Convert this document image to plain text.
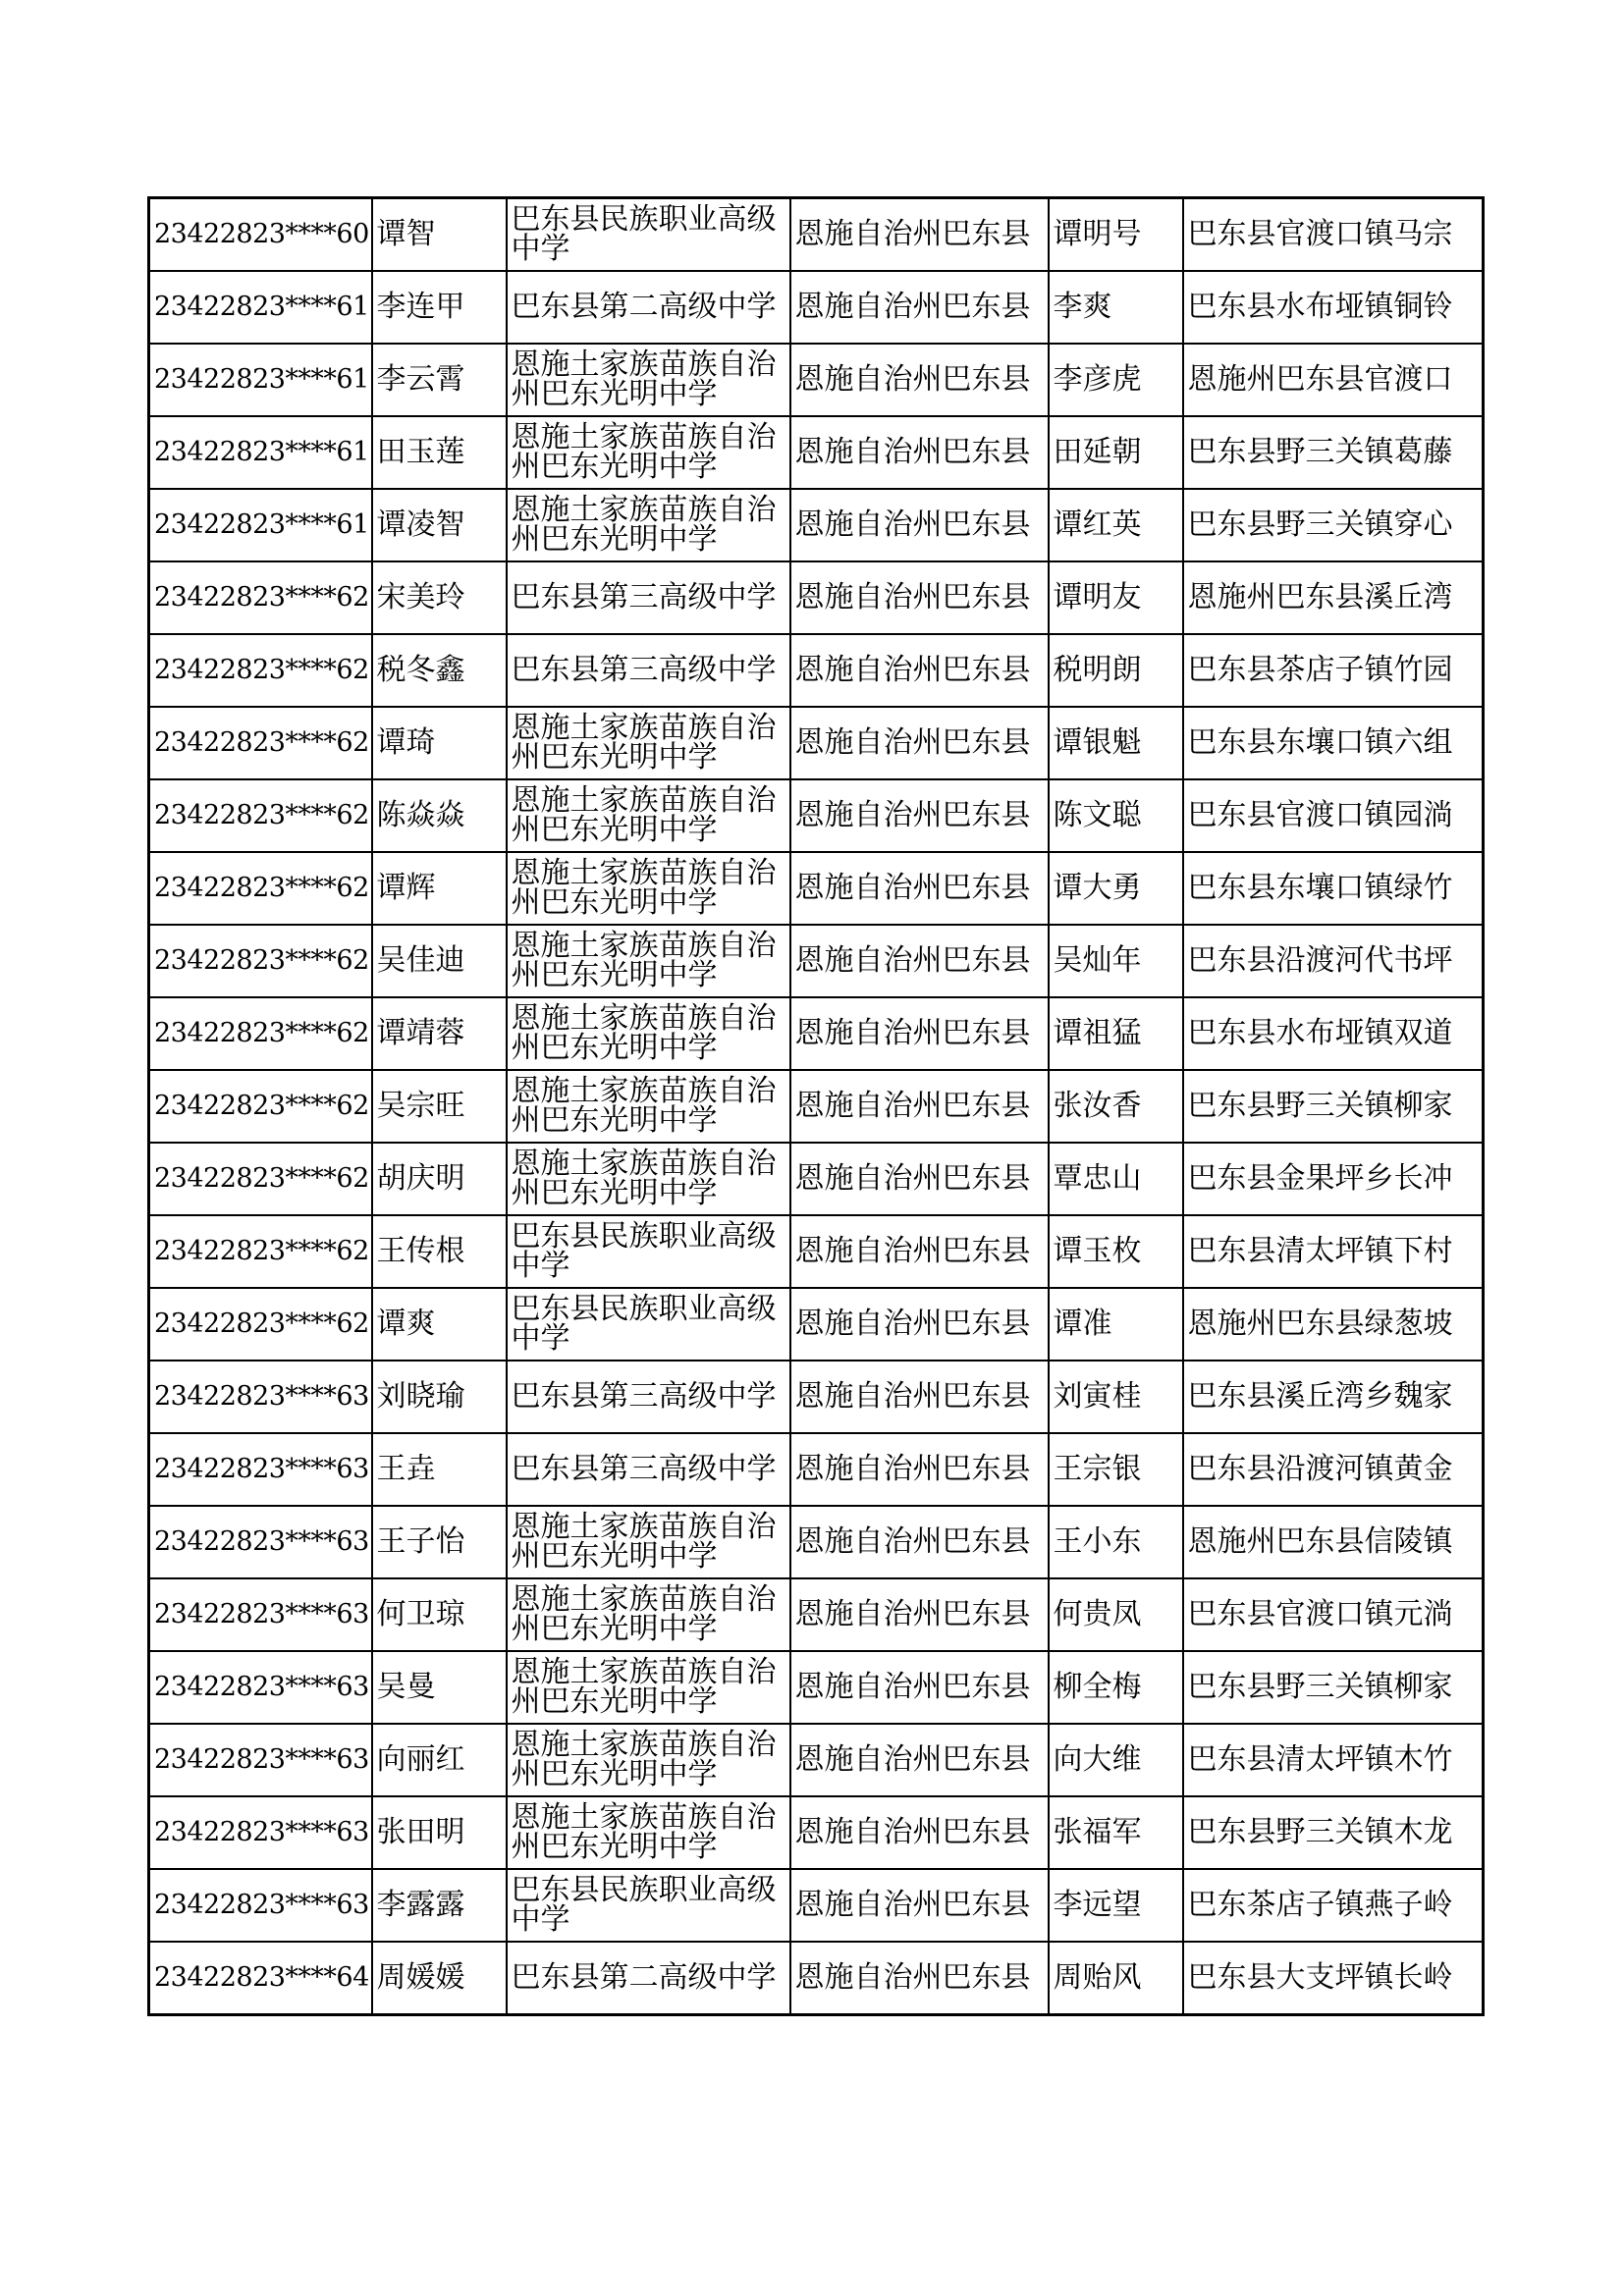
23422823****60	谭智	巴东县民族职业高级中学	恩施自治州巴东县	谭明号	巴东县官渡口镇马宗
23422823****61	李连甲	巴东县第二高级中学	恩施自治州巴东县	李爽	巴东县水布垭镇铜铃
23422823****61	李云霄	恩施土家族苗族自治州巴东光明中学	恩施自治州巴东县	李彦虎	恩施州巴东县官渡口
23422823****61	田玉莲	恩施土家族苗族自治州巴东光明中学	恩施自治州巴东县	田延朝	巴东县野三关镇葛藤
23422823****61	谭凌智	恩施土家族苗族自治州巴东光明中学	恩施自治州巴东县	谭红英	巴东县野三关镇穿心
23422823****62	宋美玲	巴东县第三高级中学	恩施自治州巴东县	谭明友	恩施州巴东县溪丘湾
23422823****62	税冬鑫	巴东县第三高级中学	恩施自治州巴东县	税明朗	巴东县茶店子镇竹园
23422823****62	谭琦	恩施土家族苗族自治州巴东光明中学	恩施自治州巴东县	谭银魁	巴东县东壤口镇六组
23422823****62	陈焱焱	恩施土家族苗族自治州巴东光明中学	恩施自治州巴东县	陈文聪	巴东县官渡口镇园淌
23422823****62	谭辉	恩施土家族苗族自治州巴东光明中学	恩施自治州巴东县	谭大勇	巴东县东壤口镇绿竹
23422823****62	吴佳迪	恩施土家族苗族自治州巴东光明中学	恩施自治州巴东县	吴灿年	巴东县沿渡河代书坪
23422823****62	谭靖蓉	恩施土家族苗族自治州巴东光明中学	恩施自治州巴东县	谭祖猛	巴东县水布垭镇双道
23422823****62	吴宗旺	恩施土家族苗族自治州巴东光明中学	恩施自治州巴东县	张汝香	巴东县野三关镇柳家
23422823****62	胡庆明	恩施土家族苗族自治州巴东光明中学	恩施自治州巴东县	覃忠山	巴东县金果坪乡长冲
23422823****62	王传根	巴东县民族职业高级中学	恩施自治州巴东县	谭玉枚	巴东县清太坪镇下村
23422823****62	谭爽	巴东县民族职业高级中学	恩施自治州巴东县	谭准	恩施州巴东县绿葱坡
23422823****63	刘晓瑜	巴东县第三高级中学	恩施自治州巴东县	刘寅桂	巴东县溪丘湾乡魏家
23422823****63	王垚	巴东县第三高级中学	恩施自治州巴东县	王宗银	巴东县沿渡河镇黄金
23422823****63	王子怡	恩施土家族苗族自治州巴东光明中学	恩施自治州巴东县	王小东	恩施州巴东县信陵镇
23422823****63	何卫琼	恩施土家族苗族自治州巴东光明中学	恩施自治州巴东县	何贵凤	巴东县官渡口镇元淌
23422823****63	吴曼	恩施土家族苗族自治州巴东光明中学	恩施自治州巴东县	柳全梅	巴东县野三关镇柳家
23422823****63	向丽红	恩施土家族苗族自治州巴东光明中学	恩施自治州巴东县	向大维	巴东县清太坪镇木竹
23422823****63	张田明	恩施土家族苗族自治州巴东光明中学	恩施自治州巴东县	张福军	巴东县野三关镇木龙
23422823****63	李露露	巴东县民族职业高级中学	恩施自治州巴东县	李远望	巴东茶店子镇燕子岭
23422823****64	周媛媛	巴东县第二高级中学	恩施自治州巴东县	周贻风	巴东县大支坪镇长岭
